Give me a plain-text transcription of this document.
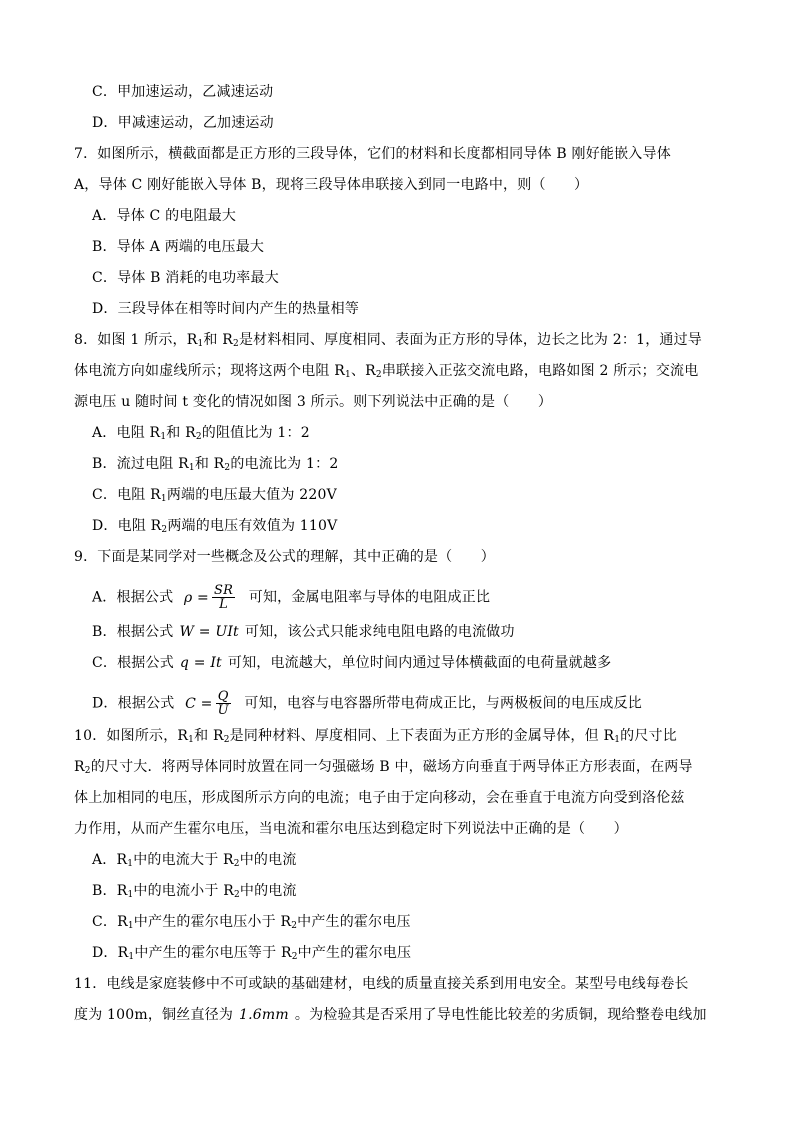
C．甲加速运动，乙减速运动
D．甲减速运动，乙加速运动
7．如图所示，横截面都是正方形的三段导体，它们的材料和长度都相同导体 B 刚好能嵌入导体
A，导体 C 刚好能嵌入导体 B，现将三段导体串联接入到同一电路中，则（　　）
A．导体 C 的电阻最大
B．导体 A 两端的电压最大
C．导体 B 消耗的电功率最大
D．三段导体在相等时间内产生的热量相等
8．如图 1 所示，$R_1$和 $R_2$是材料相同、厚度相同、表面为正方形的导体，边长之比为 2：1，通过导
体电流方向如虚线所示；现将这两个电阻 $R_1$、$R_2$串联接入正弦交流电路，电路如图 2 所示；交流电
源电压 u 随时间 t 变化的情况如图 3 所示。则下列说法中正确的是（　　）
A．电阻 $R_1$和 $R_2$的阻值比为 1：2
B．流过电阻 $R_1$和 $R_2$的电流比为 1：2
C．电阻 $R_1$两端的电压最大值为 220V
D．电阻 $R_2$两端的电压有效值为 110V
9．下面是某同学对一些概念及公式的理解，其中正确的是（　　）
A．根据公式 $\rho = \frac{SR}{L}$ 可知，金属电阻率与导体的电阻成正比
B．根据公式 W = UIt 可知，该公式只能求纯电阻电路的电流做功
C．根据公式 q = It 可知，电流越大，单位时间内通过导体横截面的电荷量就越多
D．根据公式 $C = \frac{Q}{U}$ 可知，电容与电容器所带电荷成正比，与两极板间的电压成反比
10．如图所示，$R_1$和 $R_2$是同种材料、厚度相同、上下表面为正方形的金属导体，但 $R_1$的尺寸比
$R_2$的尺寸大．将两导体同时放置在同一匀强磁场 B 中，磁场方向垂直于两导体正方形表面，在两导
体上加相同的电压，形成图所示方向的电流；电子由于定向移动，会在垂直于电流方向受到洛伦兹
力作用，从而产生霍尔电压，当电流和霍尔电压达到稳定时下列说法中正确的是（　　）
A．$R_1$中的电流大于 $R_2$中的电流
B．$R_1$中的电流小于 $R_2$中的电流
C．$R_1$中产生的霍尔电压小于 $R_2$中产生的霍尔电压
D．$R_1$中产生的霍尔电压等于 $R_2$中产生的霍尔电压
11．电线是家庭装修中不可或缺的基础建材，电线的质量直接关系到用电安全。某型号电线每卷长
度为 100m，铜丝直径为 1.6mm 。为检验其是否采用了导电性能比较差的劣质铜，现给整卷电线加
